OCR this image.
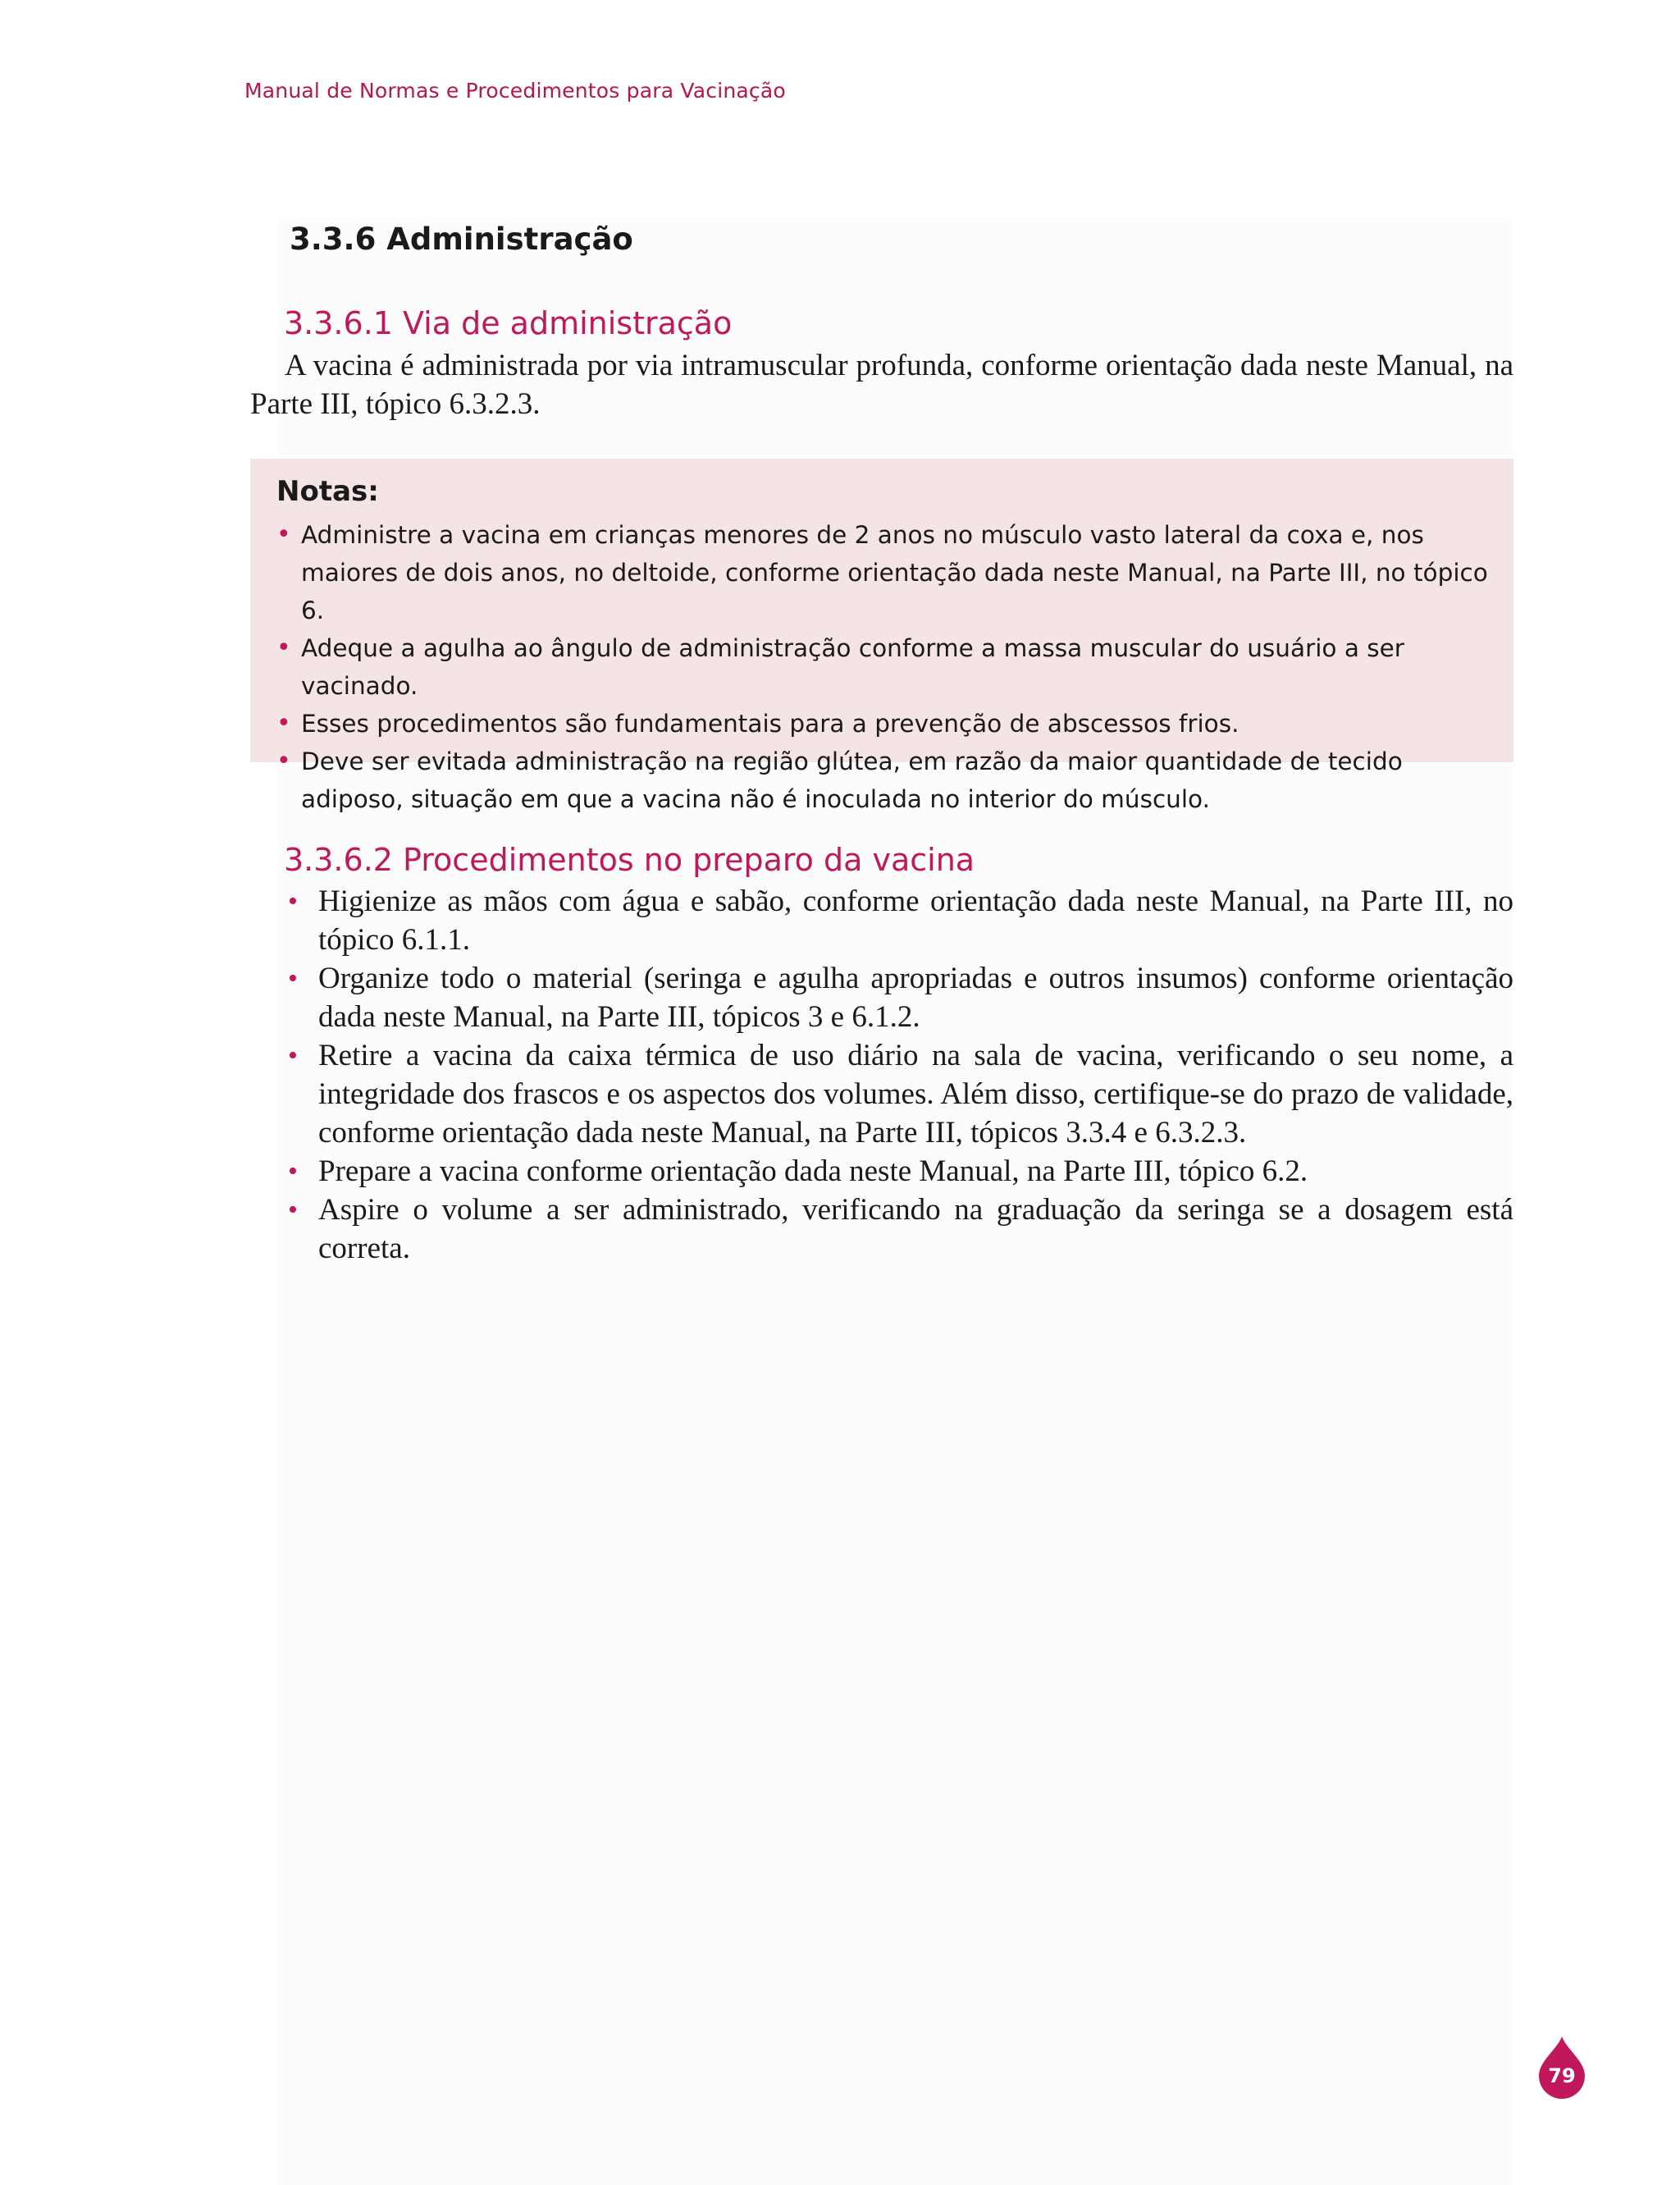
Manual de Normas e Procedimentos para Vacinação
3.3.6 Administração
3.3.6.1 Via de administração

A vacina é administrada por via intramuscular profunda, conforme orientação dada neste Manual, na Parte III, tópico 6.3.2.3.

Notas:
• Administre a vacina em crianças menores de 2 anos no músculo vasto lateral da coxa e, nos maiores de dois anos, no deltoide, conforme orientação dada neste Manual, na Parte III, no tópico 6.
• Adeque a agulha ao ângulo de administração conforme a massa muscular do usuário a ser vacinado.
• Esses procedimentos são fundamentais para a prevenção de abscessos frios.
• Deve ser evitada administração na região glútea, em razão da maior quantidade de tecido adiposo, situação em que a vacina não é inoculada no interior do músculo.
3.3.6.2 Procedimentos no preparo da vacina
• Higienize as mãos com água e sabão, conforme orientação dada neste Manual, na Parte III, no tópico 6.1.1.
• Organize todo o material (seringa e agulha apropriadas e outros insumos) conforme orientação dada neste Manual, na Parte III, tópicos 3 e 6.1.2.
• Retire a vacina da caixa térmica de uso diário na sala de vacina, verificando o seu nome, a integridade dos frascos e os aspectos dos volumes. Além disso, certifique-se do prazo de validade, conforme orientação dada neste Manual, na Parte III, tópicos 3.3.4 e 6.3.2.3.
• Prepare a vacina conforme orientação dada neste Manual, na Parte III, tópico 6.2.
• Aspire o volume a ser administrado, verificando na graduação da seringa se a dosagem está correta.
79
